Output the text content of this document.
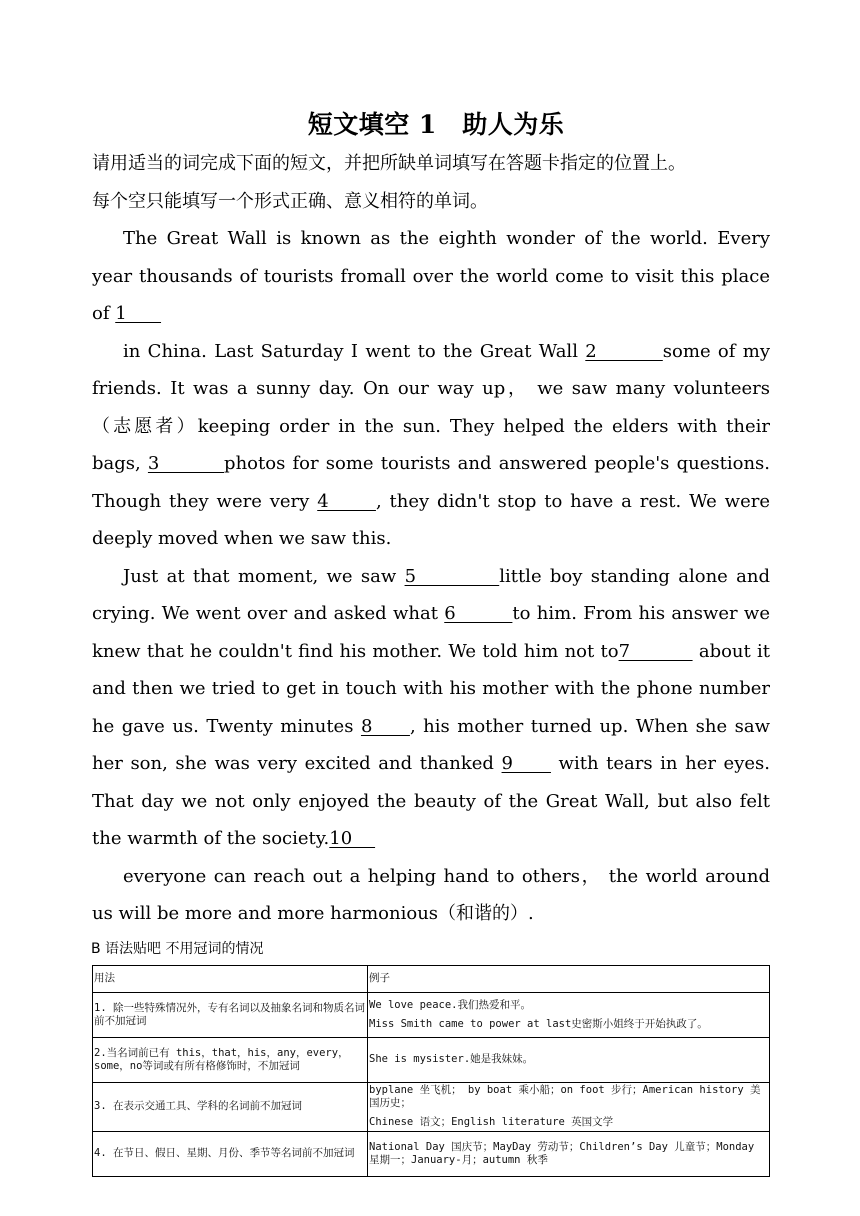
短文填空 1　助人为乐

请用适当的词完成下面的短文，并把所缺单词填写在答题卡指定的位置上。

每个空只能填写一个形式正确、意义相符的单词。

The Great Wall is known as the eighth wonder of the world. Every year thousands of tourists fromall over the world come to visit this place of 1

in China. Last Saturday I went to the Great Wall 2         some of my friends. It was a sunny day. On our way up， we saw many volunteers （志愿者）keeping order in the sun. They helped the elders with their bags, 3         photos for some tourists and answered people's questions. Though they were very 4      , they didn't stop to have a rest. We were deeply moved when we saw this.

Just at that moment, we saw 5          little boy standing alone and crying. We went over and asked what 6         to him. From his answer we knew that he couldn't find his mother. We told him not to7           about it and then we tried to get in touch with his mother with the phone number he gave us. Twenty minutes 8     , his mother turned up. When she saw her son, she was very excited and thanked 9      with tears in her eyes. That day we not only enjoyed the beauty of the Great Wall, but also felt the warmth of the society.10

everyone can reach out a helping hand to others， the world around us will be more and more harmonious（和谐的）.

B 语法贴吧 不用冠词的情况
用法	例子
1. 除一些特殊情况外，专有名词以及抽象名词和物质名词前不加冠词	We love peace.我们热爱和平。
Miss Smith came to power at last史密斯小姐终于开始执政了。

2.当名词前已有 this，that，his，any，every，some，no等词或有所有格修饰时，不加冠词	She is mysister.她是我妹妹。
3. 在表示交通工具、学科的名词前不加冠词	byplane 坐飞机； by boat 乘小船；on foot 步行；American history 美国历史；
Chinese 语文；English literature 英国文学

4. 在节日、假日、星期、月份、季节等名词前不加冠词	National Day 国庆节；MayDay 劳动节；Children’s Day 儿童节；Monday 星期一；January-月；autumn 秋季
